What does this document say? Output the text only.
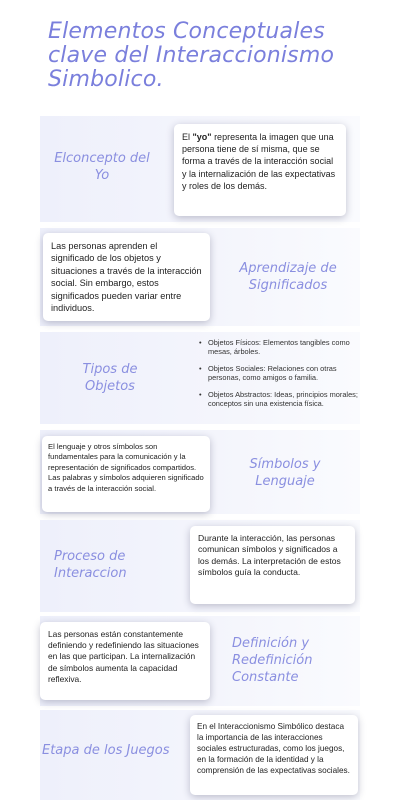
Elementos Conceptuales clave del Interaccionismo Simbolico.
Elconcepto del Yo
El "yo" representa la imagen que una persona tiene de sí misma, que se forma a través de la interacción social y la internalización de las expectativas y roles de los demás.
Las personas aprenden el significado de los objetos y situaciones a través de la interacción social. Sin embargo, estos significados pueden variar entre individuos.
Aprendizaje de Significados
Tipos de Objetos
• Objetos Físicos: Elementos tangibles como mesas, árboles.
• Objetos Sociales: Relaciones con otras personas, como amigos o familia.
• Objetos Abstractos: Ideas, principios morales; conceptos sin una existencia física.
El lenguaje y otros símbolos son fundamentales para la comunicación y la representación de significados compartidos. Las palabras y símbolos adquieren significado a través de la interacción social.
Símbolos y Lenguaje
Proceso de Interaccion
Durante la interacción, las personas comunican símbolos y significados a los demás. La interpretación de estos símbolos guía la conducta.
Las personas están constantemente definiendo y redefiniendo las situaciones en las que participan. La internalización de símbolos aumenta la capacidad reflexiva.
Definición y Redefinición Constante
Etapa de los Juegos
En el Interaccionismo Simbólico destaca la importancia de las interacciones sociales estructuradas, como los juegos, en la formación de la identidad y la comprensión de las expectativas sociales.
